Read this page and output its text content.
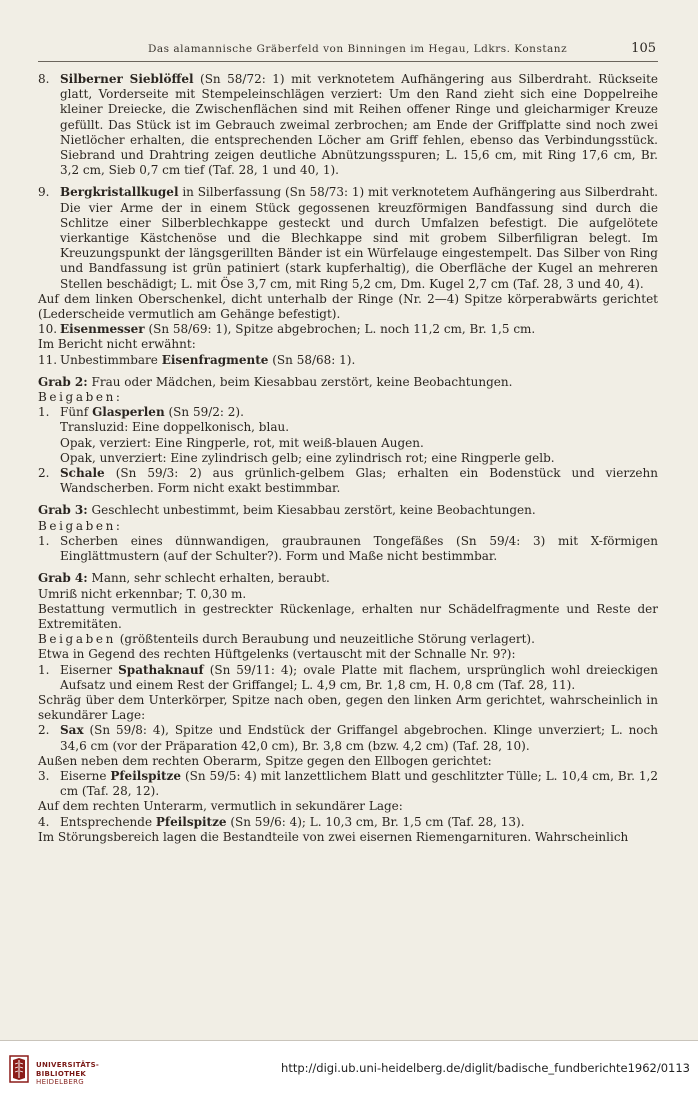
Das alamannische Gräberfeld von Binningen im Hegau, Ldkrs. Konstanz	105

8. Silberner Sieblöffel (Sn 58/72: 1) mit verknotetem Aufhängering aus Silberdraht. Rückseite glatt, Vorderseite mit Stempeleinschlägen verziert: Um den Rand zieht sich eine Doppelreihe kleiner Dreiecke, die Zwischenflächen sind mit Reihen offener Ringe und gleicharmiger Kreuze gefüllt. Das Stück ist im Gebrauch zweimal zerbrochen; am Ende der Griffplatte sind noch zwei Nietlöcher erhalten, die entsprechenden Löcher am Griff fehlen, ebenso das Verbindungsstück. Siebrand und Drahtring zeigen deutliche Abnützungsspuren; L. 15,6 cm, mit Ring 17,6 cm, Br. 3,2 cm, Sieb 0,7 cm tief (Taf. 28, 1 und 40, 1).

9. Bergkristallkugel in Silberfassung (Sn 58/73: 1) mit verknotetem Aufhängering aus Silberdraht. Die vier Arme der in einem Stück gegossenen kreuzförmigen Bandfassung sind durch die Schlitze einer Silberblechkappe gesteckt und durch Umfalzen befestigt. Die aufgelötete vierkantige Kästchenöse und die Blechkappe sind mit grobem Silberfiligran belegt. Im Kreuzungspunkt der längsgerillten Bänder ist ein Würfelauge eingestempelt. Das Silber von Ring und Bandfassung ist grün patiniert (stark kupferhaltig), die Oberfläche der Kugel an mehreren Stellen beschädigt; L. mit Öse 3,7 cm, mit Ring 5,2 cm, Dm. Kugel 2,7 cm (Taf. 28, 3 und 40, 4).

Auf dem linken Oberschenkel, dicht unterhalb der Ringe (Nr. 2—4) Spitze körperabwärts gerichtet (Lederscheide vermutlich am Gehänge befestigt).

10. Eisenmesser (Sn 58/69: 1), Spitze abgebrochen; L. noch 11,2 cm, Br. 1,5 cm.

Im Bericht nicht erwähnt:

11. Unbestimmbare Eisenfragmente (Sn 58/68: 1).

Grab 2: Frau oder Mädchen, beim Kiesabbau zerstört, keine Beobachtungen.

Beigaben:

1. Fünf Glasperlen (Sn 59/2: 2).

Transluzid: Eine doppelkonisch, blau.

Opak, verziert: Eine Ringperle, rot, mit weiß-blauen Augen.

Opak, unverziert: Eine zylindrisch gelb; eine zylindrisch rot; eine Ringperle gelb.

2. Schale (Sn 59/3: 2) aus grünlich-gelbem Glas; erhalten ein Bodenstück und vierzehn Wandscherben. Form nicht exakt bestimmbar.

Grab 3: Geschlecht unbestimmt, beim Kiesabbau zerstört, keine Beobachtungen.

Beigaben:

1. Scherben eines dünnwandigen, graubraunen Tongefäßes (Sn 59/4: 3) mit X-förmigen Einglättmustern (auf der Schulter?). Form und Maße nicht bestimmbar.

Grab 4: Mann, sehr schlecht erhalten, beraubt.

Umriß nicht erkennbar; T. 0,30 m.

Bestattung vermutlich in gestreckter Rückenlage, erhalten nur Schädelfragmente und Reste der Extremitäten.

Beigaben (größtenteils durch Beraubung und neuzeitliche Störung verlagert).

Etwa in Gegend des rechten Hüftgelenks (vertauscht mit der Schnalle Nr. 9?):

1. Eiserner Spathaknauf (Sn 59/11: 4); ovale Platte mit flachem, ursprünglich wohl dreieckigen Aufsatz und einem Rest der Griffangel; L. 4,9 cm, Br. 1,8 cm, H. 0,8 cm (Taf. 28, 11).

Schräg über dem Unterkörper, Spitze nach oben, gegen den linken Arm gerichtet, wahrscheinlich in sekundärer Lage:

2. Sax (Sn 59/8: 4), Spitze und Endstück der Griffangel abgebrochen. Klinge unverziert; L. noch 34,6 cm (vor der Präparation 42,0 cm), Br. 3,8 cm (bzw. 4,2 cm) (Taf. 28, 10).

Außen neben dem rechten Oberarm, Spitze gegen den Ellbogen gerichtet:

3. Eiserne Pfeilspitze (Sn 59/5: 4) mit lanzettlichem Blatt und geschlitzter Tülle; L. 10,4 cm, Br. 1,2 cm (Taf. 28, 12).

Auf dem rechten Unterarm, vermutlich in sekundärer Lage:

4. Entsprechende Pfeilspitze (Sn 59/6: 4); L. 10,3 cm, Br. 1,5 cm (Taf. 28, 13).

Im Störungsbereich lagen die Bestandteile von zwei eisernen Riemengarnituren. Wahrscheinlich

UNIVERSITÄTS-
BIBLIOTHEK
HEIDELBERG
http://digi.ub.uni-heidelberg.de/diglit/badische_fundberichte1962/0113
